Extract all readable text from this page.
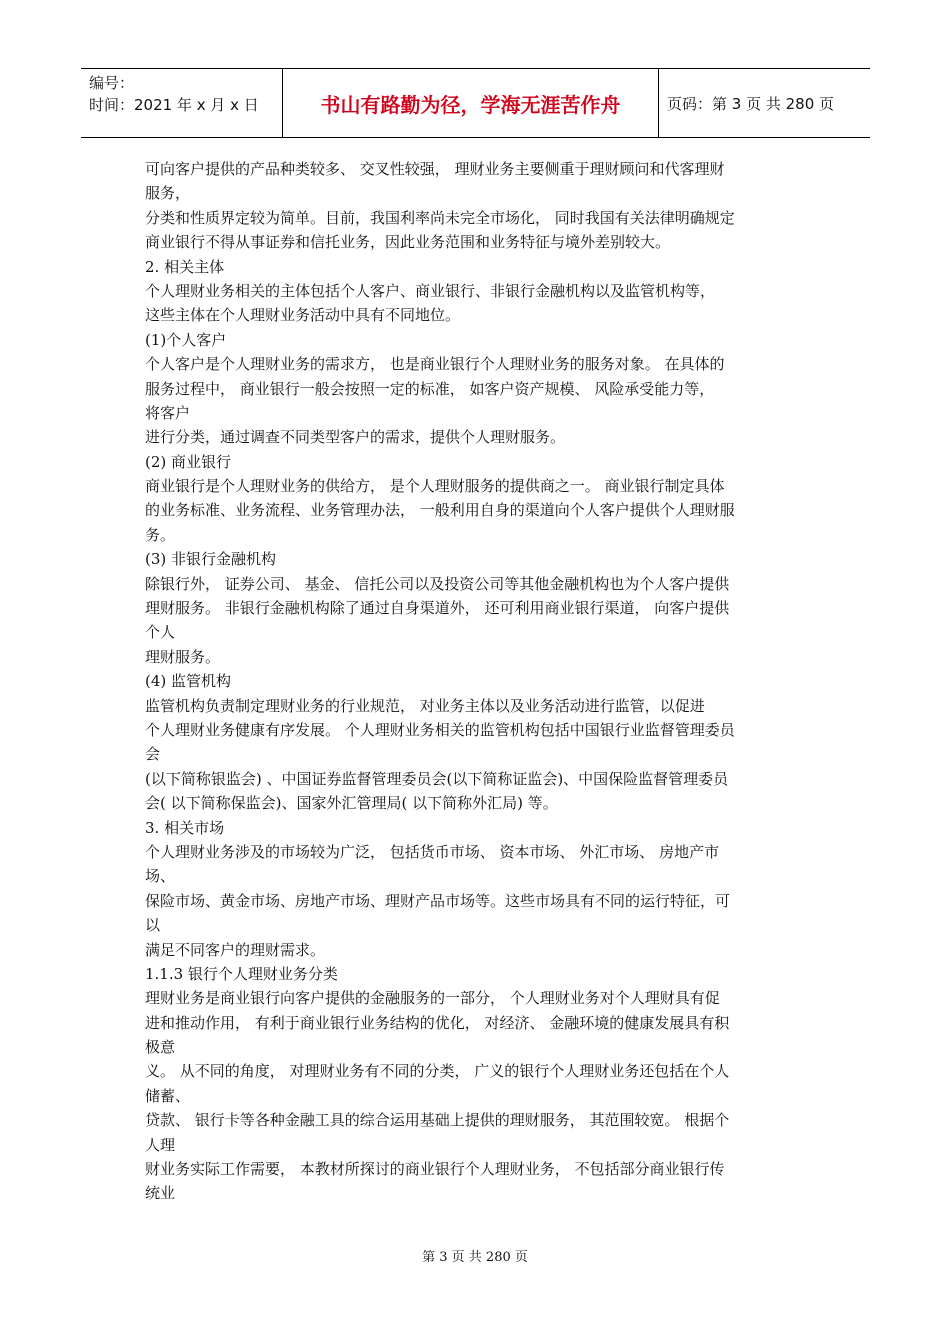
编号：
时间：2021 年 x 月 x 日	书山有路勤为径，学海无涯苦作舟	页码：第 3 页 共 280 页
可向客户提供的产品种类较多、 交叉性较强， 理财业务主要侧重于理财顾问和代客理财
服务，
分类和性质界定较为简单。目前，我国利率尚未完全市场化， 同时我国有关法律明确规定
商业银行不得从事证券和信托业务，因此业务范围和业务特征与境外差别较大。
2. 相关主体
个人理财业务相关的主体包括个人客户、商业银行、非银行金融机构以及监管机构等，
这些主体在个人理财业务活动中具有不同地位。
(1)个人客户
个人客户是个人理财业务的需求方， 也是商业银行个人理财业务的服务对象。 在具体的
服务过程中， 商业银行一般会按照一定的标准， 如客户资产规模、 风险承受能力等，
将客户
进行分类，通过调查不同类型客户的需求，提供个人理财服务。
(2) 商业银行
商业银行是个人理财业务的供给方， 是个人理财服务的提供商之一。 商业银行制定具体
的业务标准、业务流程、业务管理办法， 一般利用自身的渠道向个人客户提供个人理财服
务。
(3) 非银行金融机构
除银行外， 证券公司、 基金、 信托公司以及投资公司等其他金融机构也为个人客户提供
理财服务。 非银行金融机构除了通过自身渠道外， 还可利用商业银行渠道， 向客户提供
个人
理财服务。
(4) 监管机构
监管机构负责制定理财业务的行业规范， 对业务主体以及业务活动进行监管，以促进
个人理财业务健康有序发展。 个人理财业务相关的监管机构包括中国银行业监督管理委员
会
(以下简称银监会) 、中国证券监督管理委员会(以下简称证监会)、中国保险监督管理委员
会( 以下简称保监会)、国家外汇管理局( 以下简称外汇局) 等。
3. 相关市场
个人理财业务涉及的市场较为广泛， 包括货币市场、 资本市场、 外汇市场、 房地产市
场、
保险市场、黄金市场、房地产市场、理财产品市场等。这些市场具有不同的运行特征，可
以
满足不同客户的理财需求。
1.1.3 银行个人理财业务分类
理财业务是商业银行向客户提供的金融服务的一部分， 个人理财业务对个人理财具有促
进和推动作用， 有利于商业银行业务结构的优化， 对经济、 金融环境的健康发展具有积
极意
义。 从不同的角度， 对理财业务有不同的分类， 广义的银行个人理财业务还包括在个人
储蓄、
贷款、 银行卡等各种金融工具的综合运用基础上提供的理财服务， 其范围较宽。 根据个
人理
财业务实际工作需要， 本教材所探讨的商业银行个人理财业务， 不包括部分商业银行传
统业
第 3 页 共 280 页
